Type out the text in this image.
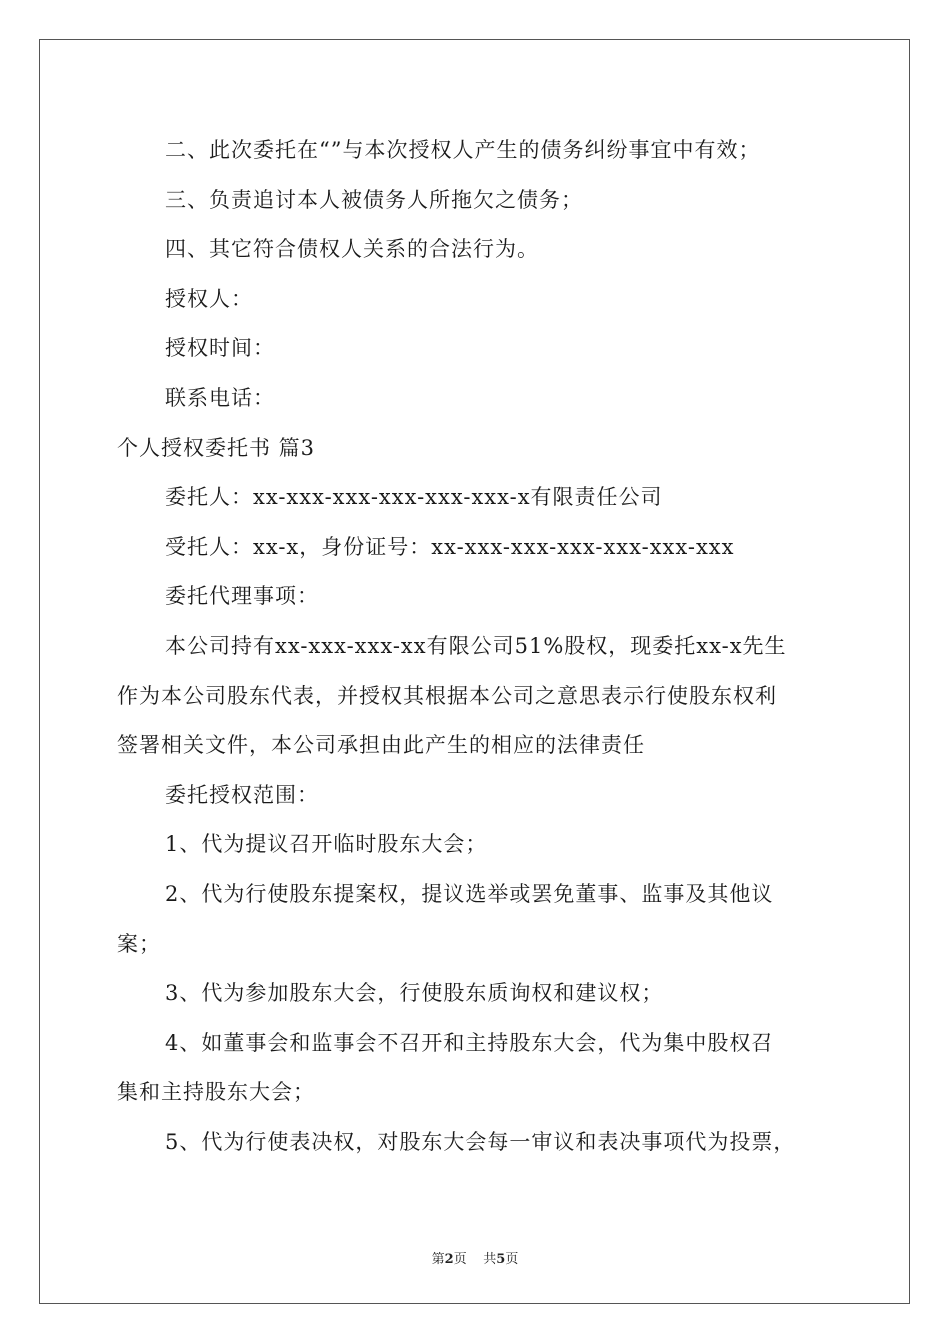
二、此次委托在“”与本次授权人产生的债务纠纷事宜中有效；
三、负责追讨本人被债务人所拖欠之债务；
四、其它符合债权人关系的合法行为。
授权人：
授权时间：
联系电话：
个人授权委托书 篇3
委托人：xx-xxx-xxx-xxx-xxx-xxx-x有限责任公司
受托人：xx-x，身份证号：xx-xxx-xxx-xxx-xxx-xxx-xxx
委托代理事项：
本公司持有xx-xxx-xxx-xx有限公司51%股权，现委托xx-x先生
作为本公司股东代表，并授权其根据本公司之意思表示行使股东权利
签署相关文件，本公司承担由此产生的相应的法律责任
委托授权范围：
1、代为提议召开临时股东大会；
2、代为行使股东提案权，提议选举或罢免董事、监事及其他议
案；
3、代为参加股东大会，行使股东质询权和建议权；
4、如董事会和监事会不召开和主持股东大会，代为集中股权召
集和主持股东大会；
5、代为行使表决权，对股东大会每一审议和表决事项代为投票，
第2页 共5页
